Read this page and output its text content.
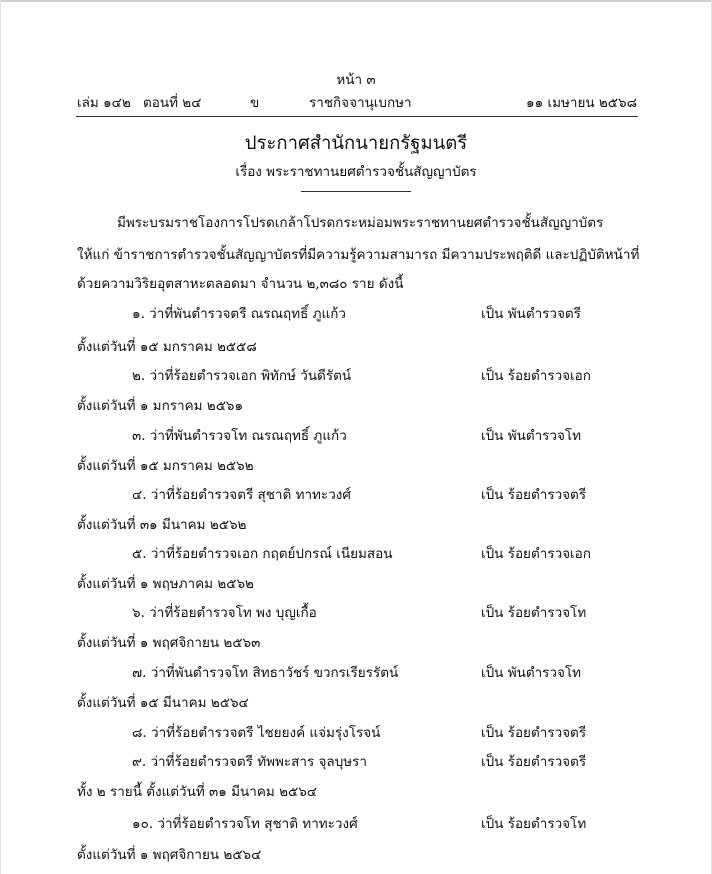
หน้า ๓
เล่ม ๑๔๒ ตอนที่ ๒๔	ข	ราชกิจจานุเบกษา	๑๑ เมษายน ๒๕๖๘
ประกาศสำนักนายกรัฐมนตรี
เรื่อง พระราชทานยศตำรวจชั้นสัญญาบัตร
มีพระบรมราชโองการโปรดเกล้าโปรดกระหม่อมพระราชทานยศตำรวจชั้นสัญญาบัตร
ให้แก่ ข้าราชการตำรวจชั้นสัญญาบัตรที่มีความรู้ความสามารถ มีความประพฤติดี และปฏิบัติหน้าที่
ด้วยความวิริยอุตสาหะตลอดมา จำนวน ๒,๓๘๐ ราย ดังนี้
๑. ว่าที่พันตำรวจตรี ณรณฤทธิ์ ภูแก้ว	เป็น พันตำรวจตรี
ตั้งแต่วันที่ ๑๕ มกราคม ๒๕๕๘
๒. ว่าที่ร้อยตำรวจเอก พิทักษ์ วันดีรัตน์	เป็น ร้อยตำรวจเอก
ตั้งแต่วันที่ ๑ มกราคม ๒๕๖๑
๓. ว่าที่พันตำรวจโท ณรณฤทธิ์ ภูแก้ว	เป็น พันตำรวจโท
ตั้งแต่วันที่ ๑๕ มกราคม ๒๕๖๒
๔. ว่าที่ร้อยตำรวจตรี สุชาติ ทาทะวงศ์	เป็น ร้อยตำรวจตรี
ตั้งแต่วันที่ ๓๑ มีนาคม ๒๕๖๒
๕. ว่าที่ร้อยตำรวจเอก กฤตย์ปกรณ์ เนียมสอน	เป็น ร้อยตำรวจเอก
ตั้งแต่วันที่ ๑ พฤษภาคม ๒๕๖๒
๖. ว่าที่ร้อยตำรวจโท พง บุญเกื้อ	เป็น ร้อยตำรวจโท
ตั้งแต่วันที่ ๑ พฤศจิกายน ๒๕๖๓
๗. ว่าที่พันตำรวจโท สิทธาวัชร์ ขวกรเรียรรัตน์	เป็น พันตำรวจโท
ตั้งแต่วันที่ ๑๕ มีนาคม ๒๕๖๔
๘. ว่าที่ร้อยตำรวจตรี ไชยยงค์ แจ่มรุ่งโรจน์	เป็น ร้อยตำรวจตรี
๙. ว่าที่ร้อยตำรวจตรี ทัพพะสาร จุลบุษรา	เป็น ร้อยตำรวจตรี
ทั้ง ๒ รายนี้ ตั้งแต่วันที่ ๓๑ มีนาคม ๒๕๖๔
๑๐. ว่าที่ร้อยตำรวจโท สุชาติ ทาทะวงศ์	เป็น ร้อยตำรวจโท
ตั้งแต่วันที่ ๑ พฤศจิกายน ๒๕๖๔
